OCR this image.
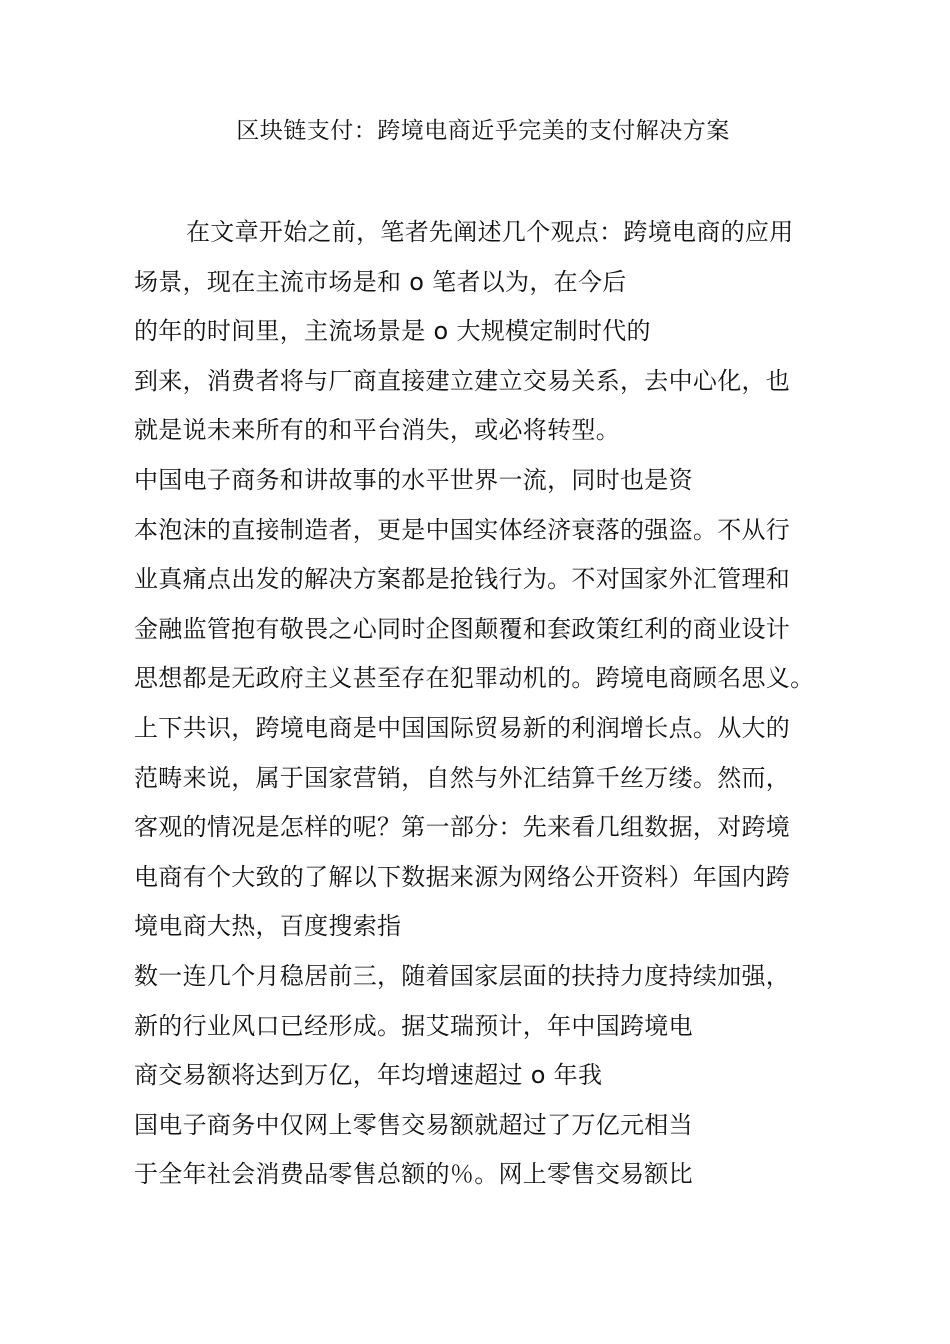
区块链支付：跨境电商近乎完美的支付解决方案
在文章开始之前，笔者先阐述几个观点：跨境电商的应用
场景，现在主流市场是和 o 笔者以为，在今后
的年的时间里，主流场景是 o 大规模定制时代的
到来，消费者将与厂商直接建立建立交易关系，去中心化，也
就是说未来所有的和平台消失，或必将转型。
中国电子商务和讲故事的水平世界一流，同时也是资
本泡沫的直接制造者，更是中国实体经济衰落的强盗。不从行
业真痛点出发的解决方案都是抢钱行为。不对国家外汇管理和
金融监管抱有敬畏之心同时企图颠覆和套政策红利的商业设计
思想都是无政府主义甚至存在犯罪动机的。跨境电商顾名思义。
上下共识，跨境电商是中国国际贸易新的利润增长点。从大的
范畴来说，属于国家营销，自然与外汇结算千丝万缕。然而，
客观的情况是怎样的呢？第一部分：先来看几组数据，对跨境
电商有个大致的了解以下数据来源为网络公开资料）年国内跨
境电商大热，百度搜索指
数一连几个月稳居前三，随着国家层面的扶持力度持续加强，
新的行业风口已经形成。据艾瑞预计，年中国跨境电
商交易额将达到万亿，年均增速超过 o 年我
国电子商务中仅网上零售交易额就超过了万亿元相当
于全年社会消费品零售总额的％。网上零售交易额比
